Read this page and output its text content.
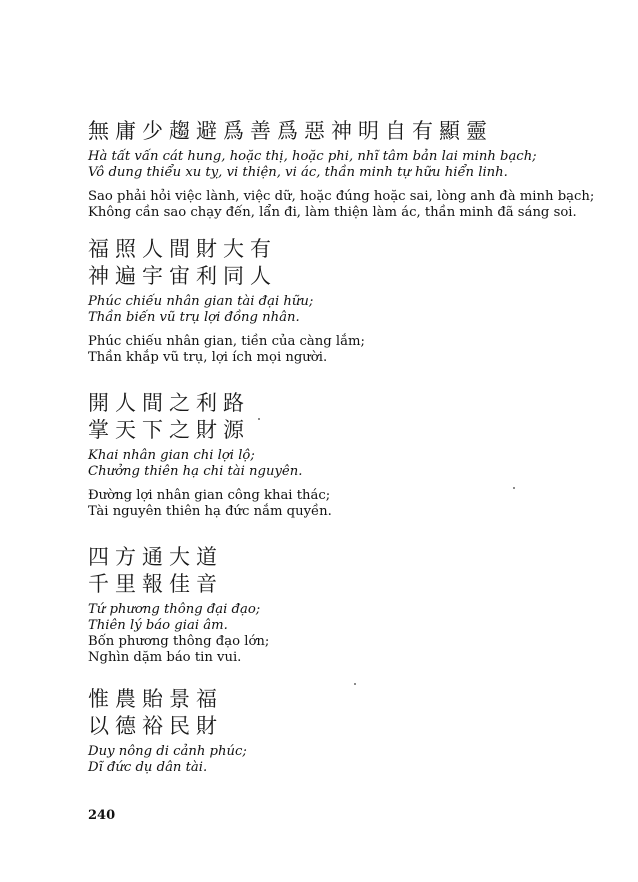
無庸少趨避爲善爲惡神明自有顯靈
Hà tất vấn cát hung, hoặc thị, hoặc phi, nhĩ tâm bản lai minh bạch;
Vô dung thiểu xu tỵ, vi thiện, vi ác, thần minh tự hữu hiển linh.
Sao phải hỏi việc lành, việc dữ, hoặc đúng hoặc sai, lòng anh đà minh bạch;
Không cần sao chạy đến, lẩn đi, làm thiện làm ác, thần minh đã sáng soi.
福照人間財大有
神遍宇宙利同人
Phúc chiếu nhân gian tài đại hữu;
Thần biến vũ trụ lợi đồng nhân.
Phúc chiếu nhân gian, tiền của càng lắm;
Thần khắp vũ trụ, lợi ích mọi người.
開人間之利路
掌天下之財源
Khai nhân gian chi lợi lộ;
Chưởng thiên hạ chi tài nguyên.
Đường lợi nhân gian công khai thác;
Tài nguyên thiên hạ đức nắm quyền.
四方通大道
千里報佳音
Tứ phương thông đại đạo;
Thiên lý báo giai âm.
Bốn phương thông đạo lớn;
Nghìn dặm báo tin vui.
惟農貽景福
以德裕民財
Duy nông di cảnh phúc;
Dĩ đức dụ dân tài.
240
